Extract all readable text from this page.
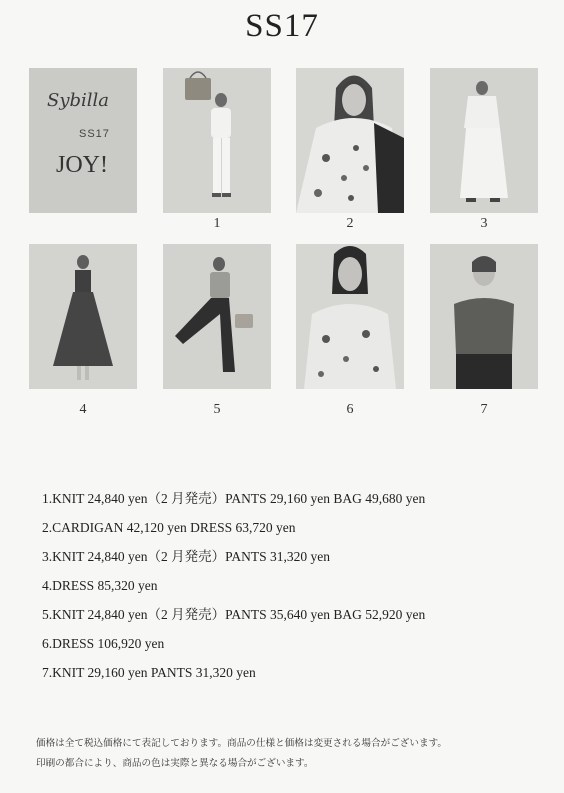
SS17
Sybilla
SS17
JOY!
1	2	3
4	5	6	7
1.KNIT 24,840 yen（2 月発売）PANTS 29,160 yen BAG 49,680 yen
2.CARDIGAN 42,120 yen DRESS 63,720 yen
3.KNIT 24,840 yen（2 月発売）PANTS 31,320 yen
4.DRESS 85,320 yen
5.KNIT 24,840 yen（2 月発売）PANTS 35,640 yen BAG 52,920 yen
6.DRESS 106,920 yen
7.KNIT 29,160 yen PANTS 31,320 yen
価格は全て税込価格にて表記しております。商品の仕様と価格は変更される場合がございます。
印刷の都合により、商品の色は実際と異なる場合がございます。
